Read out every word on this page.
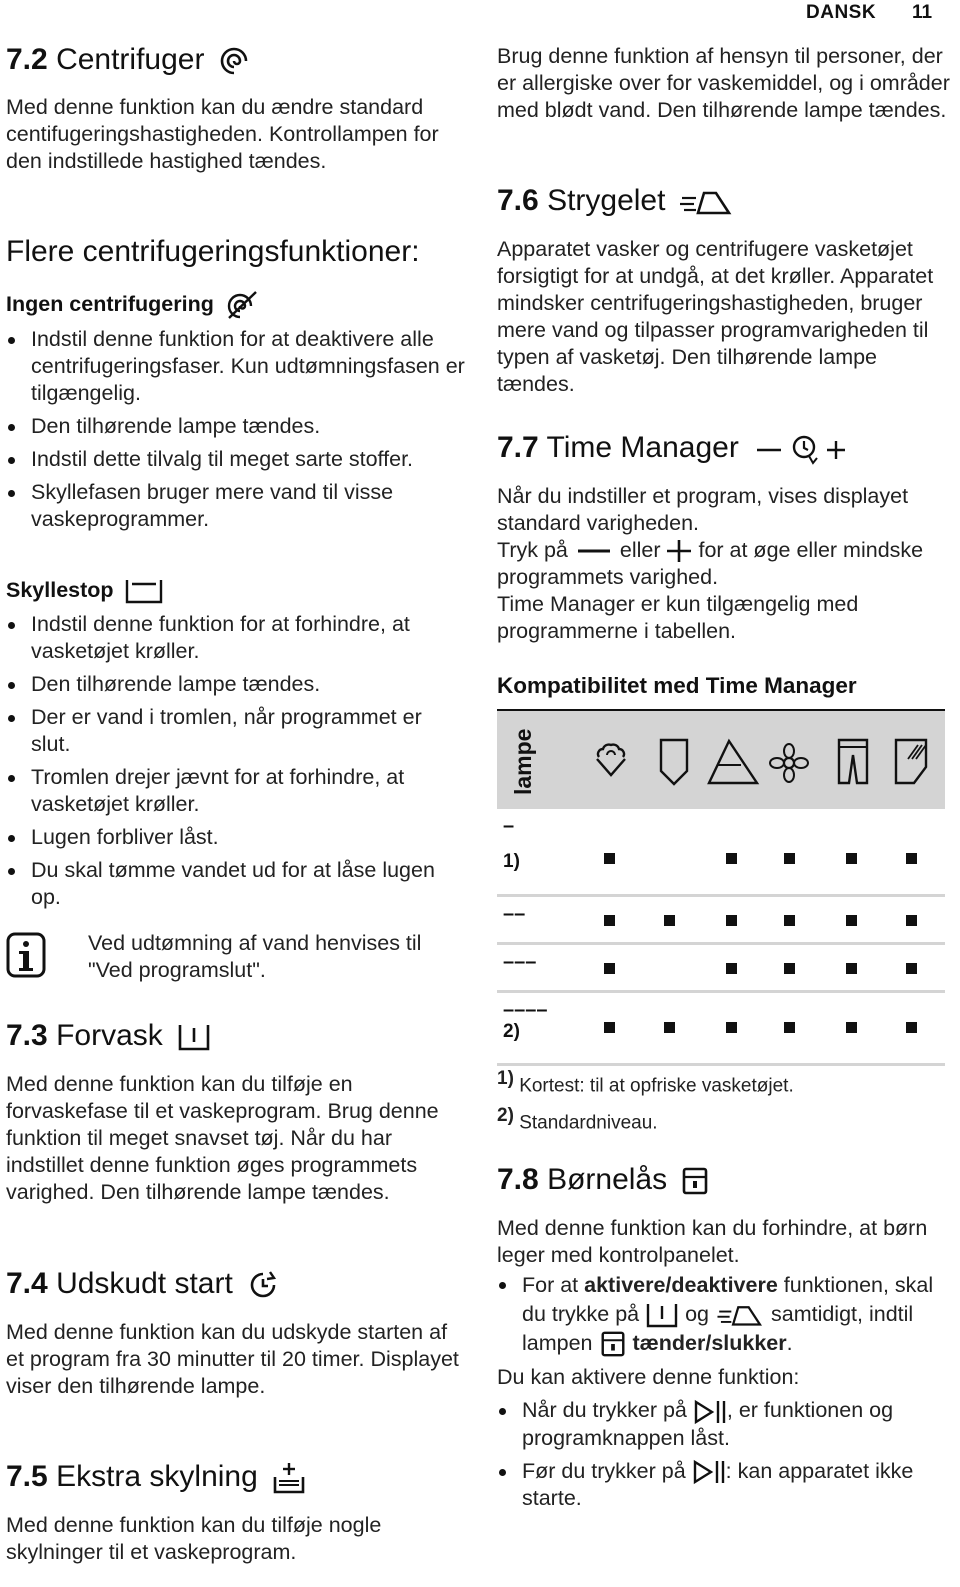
DANSK 11
7.2 Centrifuger

Med denne funktion kan du ændre standard centifugeringshastigheden. Kontrollampen for den indstillede hastighed tændes.

Flere centrifugeringsfunktioner:
Ingen centrifugering
Indstil denne funktion for at deaktivere alle centrifugeringsfaser. Kun udtømningsfasen er tilgængelig.
Den tilhørende lampe tændes.
Indstil dette tilvalg til meget sarte stoffer.
Skyllefasen bruger mere vand til visse vaskeprogrammer.
Skyllestop
Indstil denne funktion for at forhindre, at vasketøjet krøller.
Den tilhørende lampe tændes.
Der er vand i tromlen, når programmet er slut.
Tromlen drejer jævnt for at forhindre, at vasketøjet krøller.
Lugen forbliver låst.
Du skal tømme vandet ud for at låse lugen op.

Ved udtømning af vand henvises til "Ved programslut".

7.3 Forvask

Med denne funktion kan du tilføje en forvaskefase til et vaskeprogram. Brug denne funktion til meget snavset tøj. Når du har indstillet denne funktion øges programmets varighed. Den tilhørende lampe tændes.

7.4 Udskudt start

Med denne funktion kan du udskyde starten af et program fra 30 minutter til 20 timer. Displayet viser den tilhørende lampe.

7.5 Ekstra skylning

Med denne funktion kan du tilføje nogle skylninger til et vaskeprogram.

Brug denne funktion af hensyn til personer, der er allergiske over for vaskemiddel, og i områder med blødt vand. Den tilhørende lampe tændes.

7.6 Strygelet

Apparatet vasker og centrifugere vasketøjet forsigtigt for at undgå, at det krøller. Apparatet mindsker centrifugeringshastigheden, bruger mere vand og tilpasser programvarigheden til typen af vasketøj. Den tilhørende lampe tændes.

7.7 Time Manager

Når du indstiller et program, vises displayet standard varigheden.

Tryk på eller for at øge eller mindske programmets varighed.

Time Manager er kun tilgængelig med programmerne i tabellen.

Kompatibilitet med Time Manager
lampe
–
1)
––
–––
––––
2)
$^{1)}$ Kortest: til at opfriske vasketøjet.
$^{2)}$ Standardniveau.
7.8 Børnelås

Med denne funktion kan du forhindre, at børn leger med kontrolpanelet.

For at aktivere/deaktivere funktionen, skal du trykke på og	samtidigt, indtil lampen tænder/slukker.

Du kan aktivere denne funktion:

Når du trykker på , er funktionen og programknappen låst.
Før du trykker på : kan apparatet ikke starte.
